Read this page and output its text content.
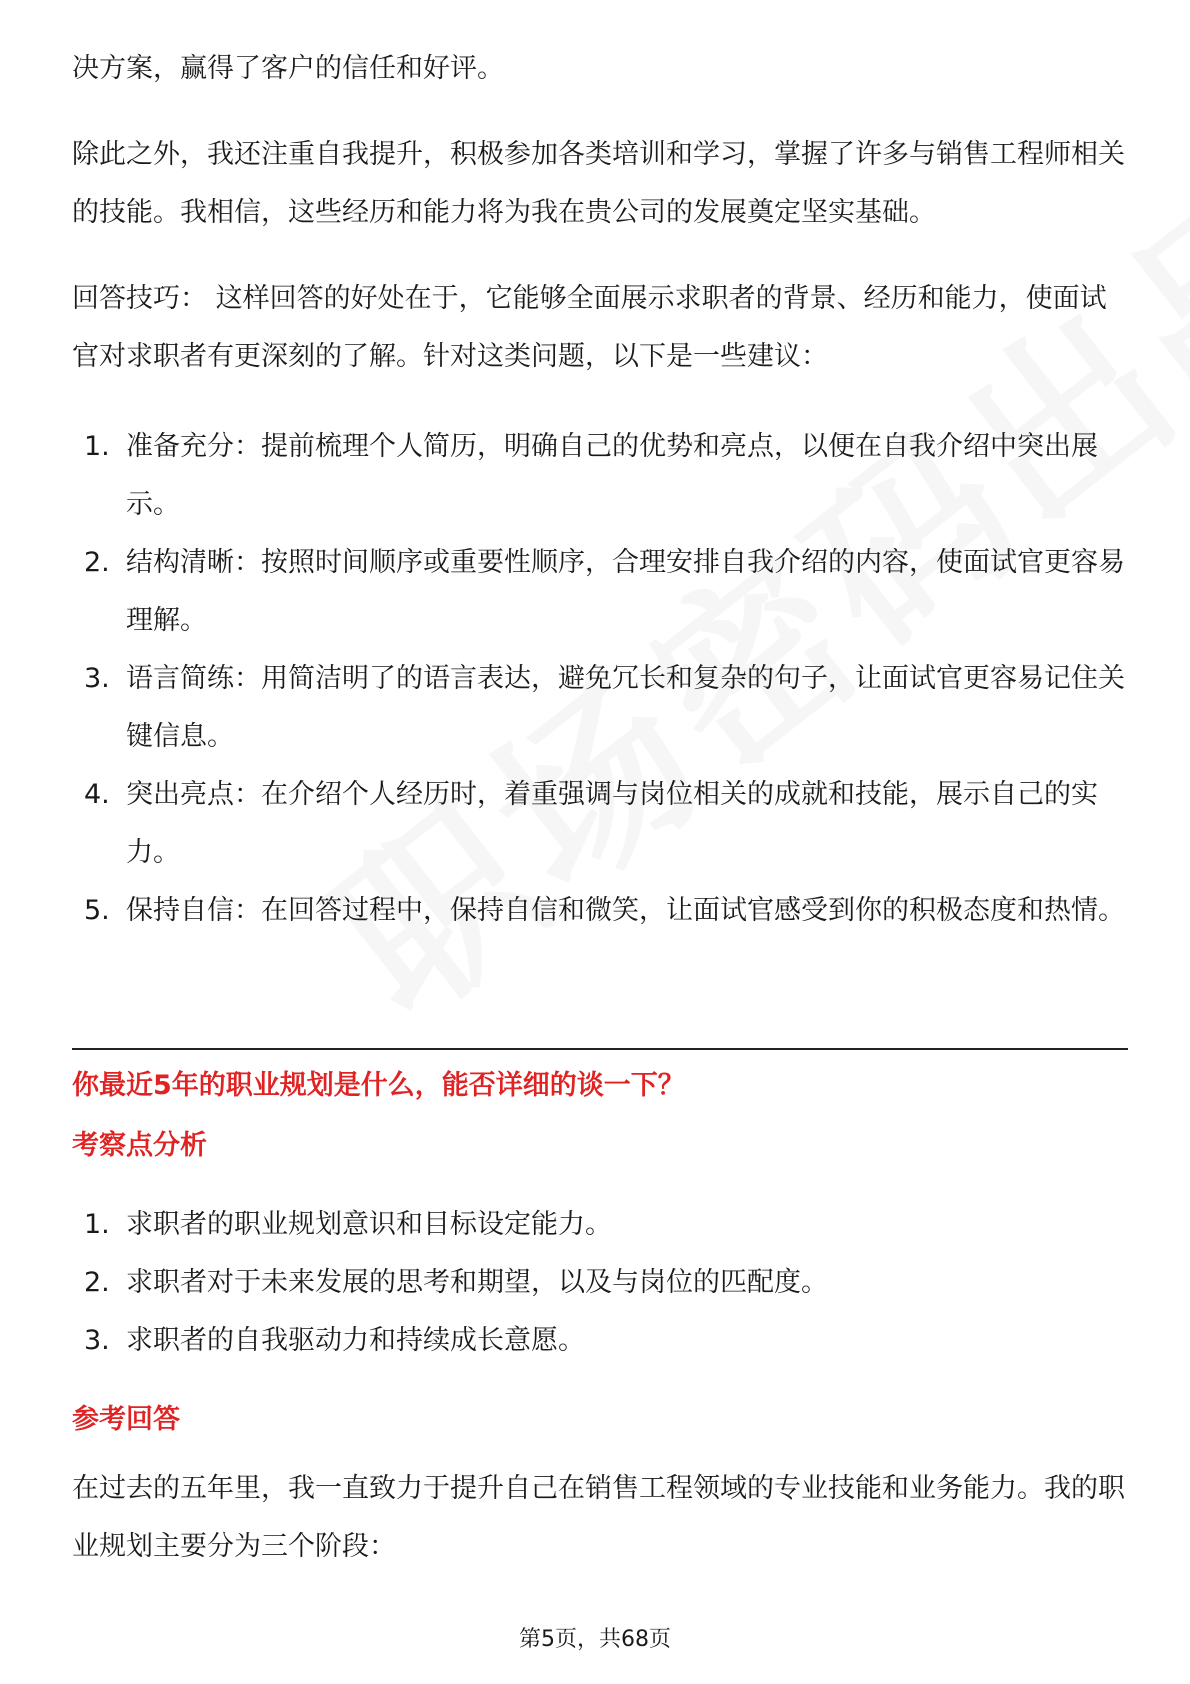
决方案，赢得了客户的信任和好评。

除此之外，我还注重自我提升，积极参加各类培训和学习，掌握了许多与销售工程师相关的技能。我相信，这些经历和能力将为我在贵公司的发展奠定坚实基础。

回答技巧： 这样回答的好处在于，它能够全面展示求职者的背景、经历和能力，使面试官对求职者有更深刻的了解。针对这类问题，以下是一些建议：

1. 准备充分：提前梳理个人简历，明确自己的优势和亮点，以便在自我介绍中突出展示。
2. 结构清晰：按照时间顺序或重要性顺序，合理安排自我介绍的内容，使面试官更容易理解。
3. 语言简练：用简洁明了的语言表达，避免冗长和复杂的句子，让面试官更容易记住关键信息。
4. 突出亮点：在介绍个人经历时，着重强调与岗位相关的成就和技能，展示自己的实力。
5. 保持自信：在回答过程中，保持自信和微笑，让面试官感受到你的积极态度和热情。

你最近5年的职业规划是什么，能否详细的谈一下？

考察点分析

1. 求职者的职业规划意识和目标设定能力。
2. 求职者对于未来发展的思考和期望，以及与岗位的匹配度。
3. 求职者的自我驱动力和持续成长意愿。

参考回答

在过去的五年里，我一直致力于提升自己在销售工程领域的专业技能和业务能力。我的职业规划主要分为三个阶段：

第5页，共68页
